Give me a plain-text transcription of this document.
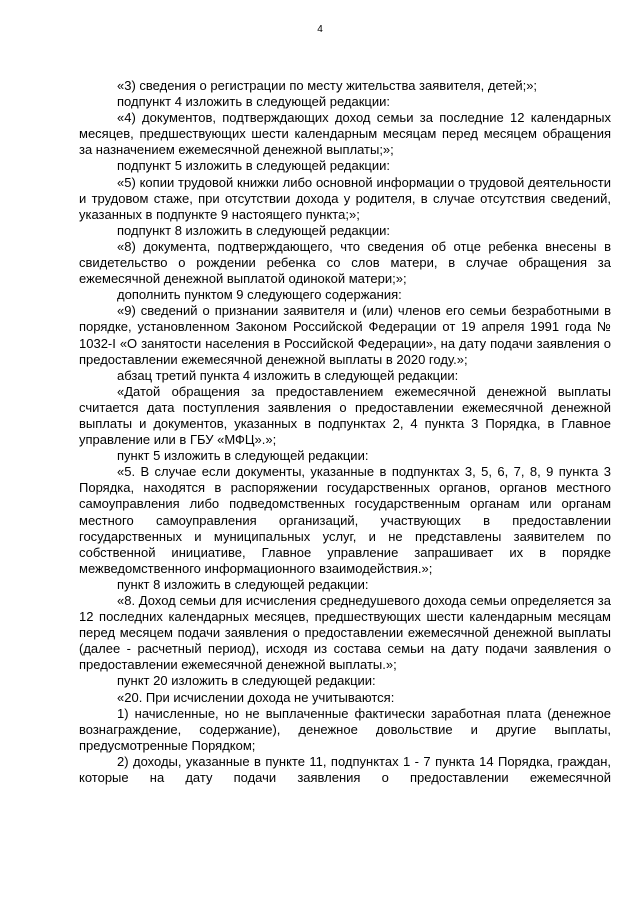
4

«3) сведения о регистрации по месту жительства заявителя, детей;»;

подпункт 4 изложить в следующей редакции:

«4) документов, подтверждающих доход семьи за последние 12 календарных месяцев, предшествующих шести календарным месяцам перед месяцем обращения за назначением ежемесячной денежной выплаты;»;

подпункт 5 изложить в следующей редакции:

«5) копии трудовой книжки либо основной информации о трудовой деятельности и трудовом стаже, при отсутствии дохода у родителя, в случае отсутствия сведений, указанных в подпункте 9 настоящего пункта;»;

подпункт 8 изложить в следующей редакции:

«8) документа, подтверждающего, что сведения об отце ребенка внесены в свидетельство о рождении ребенка со слов матери, в случае обращения за ежемесячной денежной выплатой одинокой матери;»;

дополнить пунктом 9 следующего содержания:

«9) сведений о признании заявителя и (или) членов его семьи безработными в порядке, установленном Законом Российской Федерации от 19 апреля 1991 года № 1032-I «О занятости населения в Российской Федерации», на дату подачи заявления о предоставлении ежемесячной денежной выплаты в 2020 году.»;

абзац третий пункта 4 изложить в следующей редакции:

«Датой обращения за предоставлением ежемесячной денежной выплаты считается дата поступления заявления о предоставлении ежемесячной денежной выплаты и документов, указанных в подпунктах 2, 4 пункта 3 Порядка, в Главное управление или в ГБУ «МФЦ».»;

пункт 5 изложить в следующей редакции:

«5. В случае если документы, указанные в подпунктах 3, 5, 6, 7, 8, 9 пункта 3 Порядка, находятся в распоряжении государственных органов, органов местного самоуправления либо подведомственных государственным органам или органам местного самоуправления организаций, участвующих в предоставлении государственных и муниципальных услуг, и не представлены заявителем по собственной инициативе, Главное управление запрашивает их в порядке межведомственного информационного взаимодействия.»;

пункт 8 изложить в следующей редакции:

«8. Доход семьи для исчисления среднедушевого дохода семьи определяется за 12 последних календарных месяцев, предшествующих шести календарным месяцам перед месяцем подачи заявления о предоставлении ежемесячной денежной выплаты (далее - расчетный период), исходя из состава семьи на дату подачи заявления о предоставлении ежемесячной денежной выплаты.»;

пункт 20 изложить в следующей редакции:

«20. При исчислении дохода не учитываются:

1) начисленные, но не выплаченные фактически заработная плата (денежное вознаграждение, содержание), денежное довольствие и другие выплаты, предусмотренные Порядком;

2) доходы, указанные в пункте 11, подпунктах 1 - 7 пункта 14 Порядка, граждан, которые на дату подачи заявления о предоставлении ежемесячной
